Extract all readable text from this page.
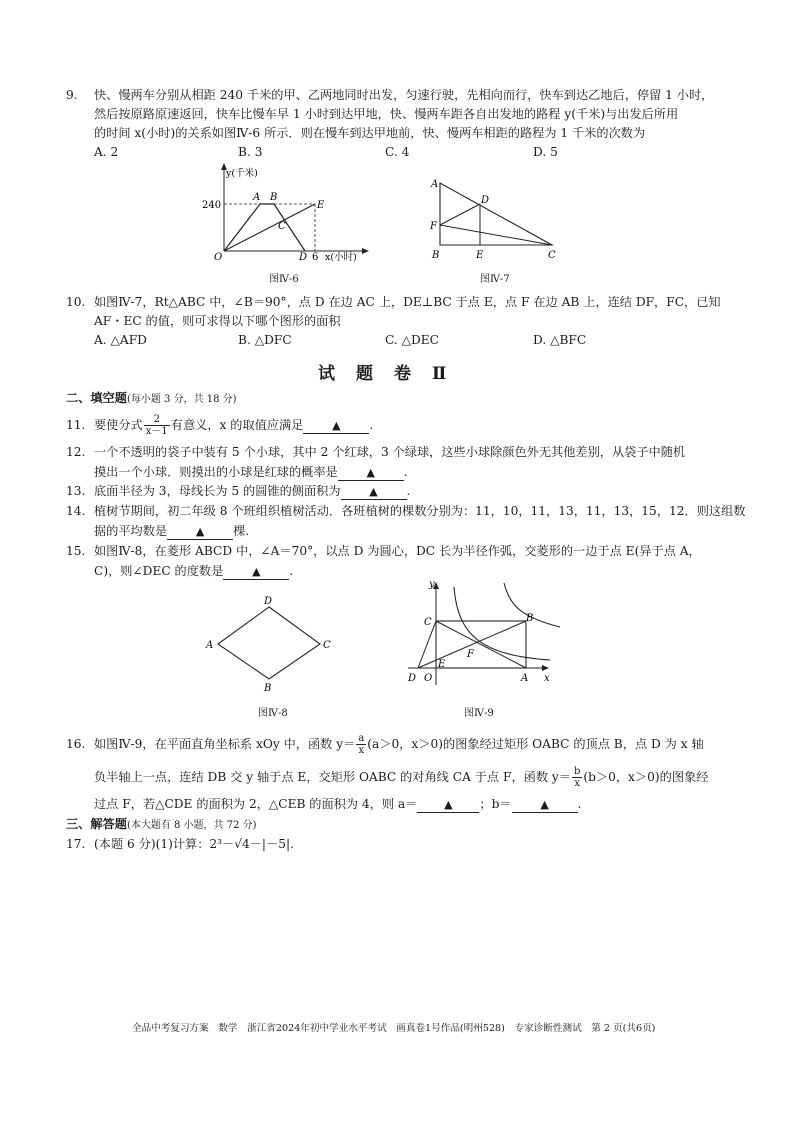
9. 快、慢两车分别从相距 240 千米的甲、乙两地同时出发，匀速行驶，先相向而行，快车到达乙地后，停留 1 小时，
然后按原路原速返回，快车比慢车早 1 小时到达甲地，快、慢两车距各自出发地的路程 y(千米)与出发后所用
的时间 x(小时)的关系如图Ⅳ-6 所示．则在慢车到达甲地前，快、慢两车相距的路程为 1 千米的次数为
A. 2	B. 3	C. 4	D. 5
y(千米)
240
O
A B
C
D
E
6 x(小时)
图Ⅳ-6
A
B	C
D
E
F
图Ⅳ-7
10. 如图Ⅳ-7，Rt△ABC 中，∠B＝90°，点 D 在边 AC 上，DE⊥BC 于点 E，点 F 在边 AB 上，连结 DF，FC，已知
AF・EC 的值，则可求得以下哪个图形的面积
A. △AFD	B. △DFC	C. △DEC	D. △BFC
试　题　卷　Ⅱ
二、填空题(每小题 3 分，共 18 分)
11. 要使分式 $\frac{2}{x-1}$ 有意义，x 的取值应满足	▲ .
12. 一个不透明的袋子中装有 5 个小球，其中 2 个红球，3 个绿球，这些小球除颜色外无其他差别，从袋子中随机
摸出一个小球．则摸出的小球是红球的概率是	▲ .
13. 底面半径为 3，母线长为 5 的圆锥的侧面积为	▲ .
14. 植树节期间，初二年级 8 个班组织植树活动．各班植树的棵数分别为：11，10，11，13，11，13，15，12．则这组数
据的平均数是	▲ 棵.
15. 如图Ⅳ-8，在菱形 ABCD 中，∠A＝70°，以点 D 为圆心，DC 长为半径作弧，交菱形的一边于点 E(异于点 A，
C)，则∠DEC 的度数是	▲ .
D
C
B
A
图Ⅳ-8
y
x
C	B
A
D O
E
F
图Ⅳ-9
16. 如图Ⅳ-9，在平面直角坐标系 xOy 中，函数 $y= \frac{a}{x} (a>0$，x＞0)的图象经过矩形 OABC 的顶点 B，点 D 为 x 轴
负半轴上一点，连结 DB 交 y 轴于点 E，交矩形 OABC 的对角线 CA 于点 F，函数 $y= \frac{b}{x} (b>0$，x＞0)的图象经
过点 F，若△CDE 的面积为 2，△CEB 的面积为 4，则 a＝ ▲ ；b＝	▲ .
三、解答题(本大题有 8 小题，共 72 分)
17. (本题 6 分)(1)计算：2³－√4－|－5|.
全品中考复习方案　数学　浙江省2024年初中学业水平考试　画真卷1号作品(明州528)　专家诊断性测试　第 2 页(共6页)
